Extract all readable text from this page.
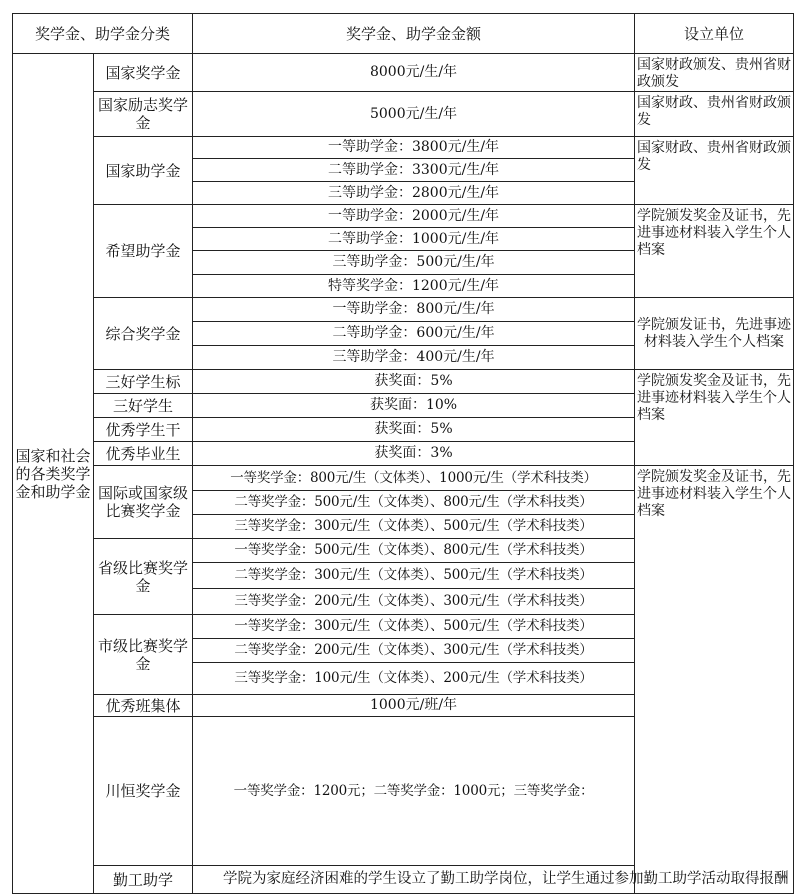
奖学金、助学金分类		奖学金、助学金金额	设立单位	
国家和社会的各类奖学金和助学金	国家奖学金	8000元/生/年	国家财政颁发、贵州省财政颁发	
	国家励志奖学金	5000元/生/年	国家财政、贵州省财政颁发	
	国家助学金	一等助学金：3800元/生/年	国家财政、贵州省财政颁发	
		二等助学金：3300元/生/年		
		三等助学金：2800元/生/年		
	希望助学金	一等助学金：2000元/生/年	学院颁发奖金及证书，先进事迹材料装入学生个人档案	
		二等助学金：1000元/生/年		
		三等助学金：500元/生/年		
		特等奖学金：1200元/生/年		
	综合奖学金	一等助学金：800元/生/年	学院颁发证书，先进事迹材料装入学生个人档案	
		二等助学金：600元/生/年		
		三等助学金：400元/生/年		
	三好学生标	获奖面：5%	学院颁发奖金及证书，先进事迹材料装入学生个人档案	
	三好学生	获奖面：10%		
	优秀学生干	获奖面：5%		
	优秀毕业生	获奖面：3%		
	国际或国家级比赛奖学金	一等奖学金：800元/生（文体类）、1000元/生（学术科技类）	学院颁发奖金及证书，先进事迹材料装入学生个人档案	
		二等奖学金：500元/生（文体类）、800元/生（学术科技类）		
		三等奖学金：300元/生（文体类）、500元/生（学术科技类）		
	省级比赛奖学金	一等奖学金：500元/生（文体类）、800元/生（学术科技类）		
		二等奖学金：300元/生（文体类）、500元/生（学术科技类）		
		三等奖学金：200元/生（文体类）、300元/生（学术科技类）		
	市级比赛奖学金	一等奖学金：300元/生（文体类）、500元/生（学术科技类）		
		二等奖学金：200元/生（文体类）、300元/生（学术科技类）		
		三等奖学金：100元/生（文体类）、200元/生（学术科技类）		
	优秀班集体	1000元/班/年		
	川恒奖学金	一等奖学金：1200元；二等奖学金：1000元；三等奖学金：	
	勤工助学	学院为家庭经济困难的学生设立了勤工助学岗位，让学生通过参加勤工助学活动取得报酬		
